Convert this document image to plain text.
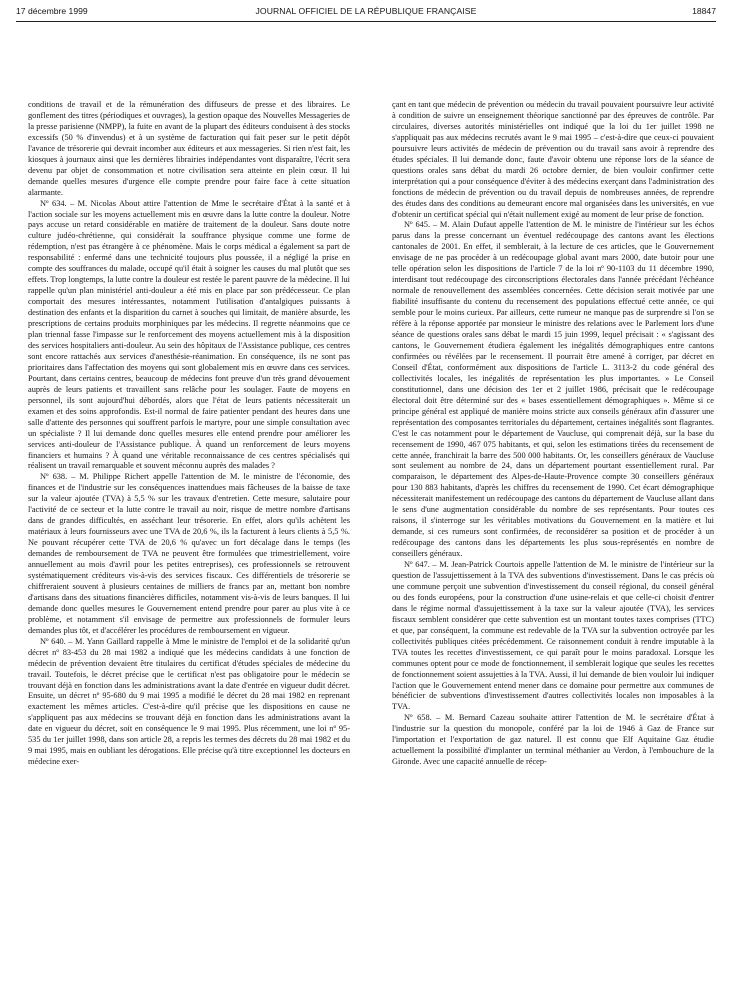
17 décembre 1999	JOURNAL OFFICIEL DE LA RÉPUBLIQUE FRANÇAISE	18847

conditions de travail et de la rémunération des diffuseurs de presse et des libraires. Le gonflement des titres (périodiques et ouvrages), la gestion opaque des Nouvelles Messageries de la presse parisienne (NMPP), la fuite en avant de la plupart des éditeurs conduisent à des stocks excessifs (50 % d'invendus) et à un système de facturation qui fait peser sur le petit dépôt l'avance de trésorerie qui devrait incomber aux éditeurs et aux messageries. Si rien n'est fait, les kiosques à journaux ainsi que les dernières librairies indépendantes vont disparaître, l'écrit sera devenu par objet de consommation et notre civilisation sera atteinte en plein cœur. Il lui demande quelles mesures d'urgence elle compte prendre pour faire face à cette situation alarmante.

Nº 634. – M. Nicolas About attire l'attention de Mme le secrétaire d'État à la santé et à l'action sociale sur les moyens actuellement mis en œuvre dans la lutte contre la douleur. Notre pays accuse un retard considérable en matière de traitement de la douleur. Sans doute notre culture judéo-chrétienne, qui considérait la souffrance physique comme une forme de rédemption, n'est pas étrangère à ce phénomène. Mais le corps médical a également sa part de responsabilité : enfermé dans une technicité toujours plus poussée, il a négligé la prise en compte des souffrances du malade, occupé qu'il était à soigner les causes du mal plutôt que ses effets. Trop longtemps, la lutte contre la douleur est restée le parent pauvre de la médecine. Il lui rappelle qu'un plan ministériel anti-douleur a été mis en place par son prédécesseur. Ce plan comportait des mesures intéressantes, notamment l'utilisation d'antalgiques puissants à destination des enfants et la disparition du carnet à souches qui limitait, de manière absurde, les prescriptions de certains produits morphiniques par les médecins. Il regrette néanmoins que ce plan triennal fasse l'impasse sur le renforcement des moyens actuellement mis à la disposition des services hospitaliers anti-douleur. Au sein des hôpitaux de l'Assistance publique, ces centres sont encore rattachés aux services d'anesthésie-réanimation. En conséquence, ils ne sont pas prioritaires dans l'affectation des moyens qui sont globalement mis en œuvre dans ces services. Pourtant, dans certains centres, beaucoup de médecins font preuve d'un très grand dévouement auprès de leurs patients et travaillent sans relâche pour les soulager. Faute de moyens en personnel, ils sont aujourd'hui débordés, alors que l'état de leurs patients nécessiterait un examen et des soins approfondis. Est-il normal de faire patienter pendant des heures dans une salle d'attente des personnes qui souffrent parfois le martyre, pour une simple consultation avec un spécialiste ? Il lui demande donc quelles mesures elle entend prendre pour améliorer les services anti-douleur de l'Assistance publique. À quand un renforcement de leurs moyens financiers et humains ? À quand une véritable reconnaissance de ces centres spécialisés qui réalisent un travail remarquable et souvent méconnu auprès des malades ?

Nº 638. – M. Philippe Richert appelle l'attention de M. le ministre de l'économie, des finances et de l'industrie sur les conséquences inattendues mais fâcheuses de la baisse de taxe sur la valeur ajoutée (TVA) à 5,5 % sur les travaux d'entretien. Cette mesure, salutaire pour l'activité de ce secteur et la lutte contre le travail au noir, risque de mettre nombre d'artisans dans de grandes difficultés, en asséchant leur trésorerie. En effet, alors qu'ils achètent les matériaux à leurs fournisseurs avec une TVA de 20,6 %, ils la facturent à leurs clients à 5,5 %. Ne pouvant récupérer cette TVA de 20,6 % qu'avec un fort décalage dans le temps (les demandes de remboursement de TVA ne peuvent être formulées que trimestriellement, voire annuellement au mois d'avril pour les petites entreprises), ces professionnels se retrouvent systématiquement créditeurs vis-à-vis des services fiscaux. Ces différentiels de trésorerie se chiffreraient souvent à plusieurs centaines de milliers de francs par an, mettant bon nombre d'artisans dans des situations financières difficiles, notamment vis-à-vis de leurs banques. Il lui demande donc quelles mesures le Gouvernement entend prendre pour parer au plus vite à ce problème, et notamment s'il envisage de permettre aux professionnels de formuler leurs demandes plus tôt, et d'accélérer les procédures de remboursement en vigueur.

Nº 640. – M. Yann Gaillard rappelle à Mme le ministre de l'emploi et de la solidarité qu'un décret nº 83-453 du 28 mai 1982 a indiqué que les médecins candidats à une fonction de médecin de prévention devaient être titulaires du certificat d'études spéciales de médecine du travail. Toutefois, le décret précise que le certificat n'est pas obligatoire pour le médecin se trouvant déjà en fonction dans les administrations avant la date d'entrée en vigueur dudit décret. Ensuite, un décret nº 95-680 du 9 mai 1995 a modifié le décret du 28 mai 1982 en reprenant exactement les mêmes articles. C'est-à-dire qu'il précise que les dispositions en cause ne s'appliquent pas aux médecins se trouvant déjà en fonction dans les administrations avant la date en vigueur du décret, soit en conséquence le 9 mai 1995. Plus récemment, une loi nº 95-535 du 1er juillet 1998, dans son article 28, a repris les termes des décrets du 28 mai 1982 et du 9 mai 1995, mais en oubliant les dérogations. Elle précise qu'à titre exceptionnel les docteurs en médecine exer-

çant en tant que médecin de prévention ou médecin du travail pouvaient poursuivre leur activité à condition de suivre un enseignement théorique sanctionné par des épreuves de contrôle. Par circulaires, diverses autorités ministérielles ont indiqué que la loi du 1er juillet 1998 ne s'appliquait pas aux médecins recrutés avant le 9 mai 1995 – c'est-à-dire que ceux-ci pouvaient poursuivre leurs activités de médecin de prévention ou du travail sans avoir à reprendre des études spéciales. Il lui demande donc, faute d'avoir obtenu une réponse lors de la séance de questions orales sans débat du mardi 26 octobre dernier, de bien vouloir confirmer cette interprétation qui a pour conséquence d'éviter à des médecins exerçant dans l'administration des fonctions de médecin de prévention ou du travail depuis de nombreuses années, de reprendre des études dans des conditions au demeurant encore mal organisées dans les universités, en vue d'obtenir un certificat spécial qui n'était nullement exigé au moment de leur prise de fonction.

Nº 645. – M. Alain Dufaut appelle l'attention de M. le ministre de l'intérieur sur les échos parus dans la presse concernant un éventuel redécoupage des cantons avant les élections cantonales de 2001. En effet, il semblerait, à la lecture de ces articles, que le Gouvernement envisage de ne pas procéder à un redécoupage global avant mars 2000, date butoir pour une telle opération selon les dispositions de l'article 7 de la loi nº 90-1103 du 11 décembre 1990, interdisant tout redécoupage des circonscriptions électorales dans l'année précédant l'échéance normale de renouvellement des assemblées concernées. Cette décision serait motivée par une fiabilité insuffisante du contenu du recensement des populations effectué cette année, ce qui semble pour le moins curieux. Par ailleurs, cette rumeur ne manque pas de surprendre si l'on se réfère à la réponse apportée par monsieur le ministre des relations avec le Parlement lors d'une séance de questions orales sans débat le mardi 15 juin 1999, lequel précisait : « s'agissant des cantons, le Gouvernement étudiera également les inégalités démographiques entre cantons confirmées ou révélées par le recensement. Il pourrait être amené à corriger, par décret en Conseil d'État, conformément aux dispositions de l'article L. 3113-2 du code général des collectivités locales, les inégalités de représentation les plus importantes. » Le Conseil constitutionnel, dans une décision des 1er et 2 juillet 1986, précisait que le redécoupage électoral doit être déterminé sur des « bases essentiellement démographiques ». Même si ce principe général est appliqué de manière moins stricte aux conseils généraux afin d'assurer une représentation des composantes territoriales du département, certaines inégalités sont flagrantes. C'est le cas notamment pour le département de Vaucluse, qui comprenait déjà, sur la base du recensement de 1990, 467 075 habitants, et qui, selon les estimations tirées du recensement de cette année, franchirait la barre des 500 000 habitants. Or, les conseillers généraux de Vaucluse sont seulement au nombre de 24, dans un département pourtant essentiellement rural. Par comparaison, le département des Alpes-de-Haute-Provence compte 30 conseillers généraux pour 130 883 habitants, d'après les chiffres du recensement de 1990. Cet écart démographique nécessiterait manifestement un redécoupage des cantons du département de Vaucluse allant dans le sens d'une augmentation considérable du nombre de ses représentants. Pour toutes ces raisons, il s'interroge sur les véritables motivations du Gouvernement en la matière et lui demande, si ces rumeurs sont confirmées, de reconsidérer sa position et de procéder à un redécoupage des cantons dans les départements les plus sous-représentés en nombre de conseillers généraux.

Nº 647. – M. Jean-Patrick Courtois appelle l'attention de M. le ministre de l'intérieur sur la question de l'assujettissement à la TVA des subventions d'investissement. Dans le cas précis où une commune perçoit une subvention d'investissement du conseil régional, du conseil général ou des fonds européens, pour la construction d'une usine-relais et que celle-ci choisit d'entrer dans le régime normal d'assujettissement à la taxe sur la valeur ajoutée (TVA), les services fiscaux semblent considérer que cette subvention est un montant toutes taxes comprises (TTC) et que, par conséquent, la commune est redevable de la TVA sur la subvention octroyée par les collectivités publiques citées précédemment. Ce raisonnement conduit à rendre imputable à la TVA toutes les recettes d'investissement, ce qui paraît pour le moins paradoxal. Lorsque les communes optent pour ce mode de fonctionnement, il semblerait logique que seules les recettes de fonctionnement soient assujetties à la TVA. Aussi, il lui demande de bien vouloir lui indiquer l'action que le Gouvernement entend mener dans ce domaine pour permettre aux communes de bénéficier de subventions d'investissement d'autres collectivités locales non imposables à la TVA.

Nº 658. – M. Bernard Cazeau souhaite attirer l'attention de M. le secrétaire d'État à l'industrie sur la question du monopole, conféré par la loi de 1946 à Gaz de France sur l'importation et l'exportation de gaz naturel. Il est connu que Elf Aquitaine Gaz étudie actuellement la possibilité d'implanter un terminal méthanier au Verdon, à l'embouchure de la Gironde. Avec une capacité annuelle de récep-
